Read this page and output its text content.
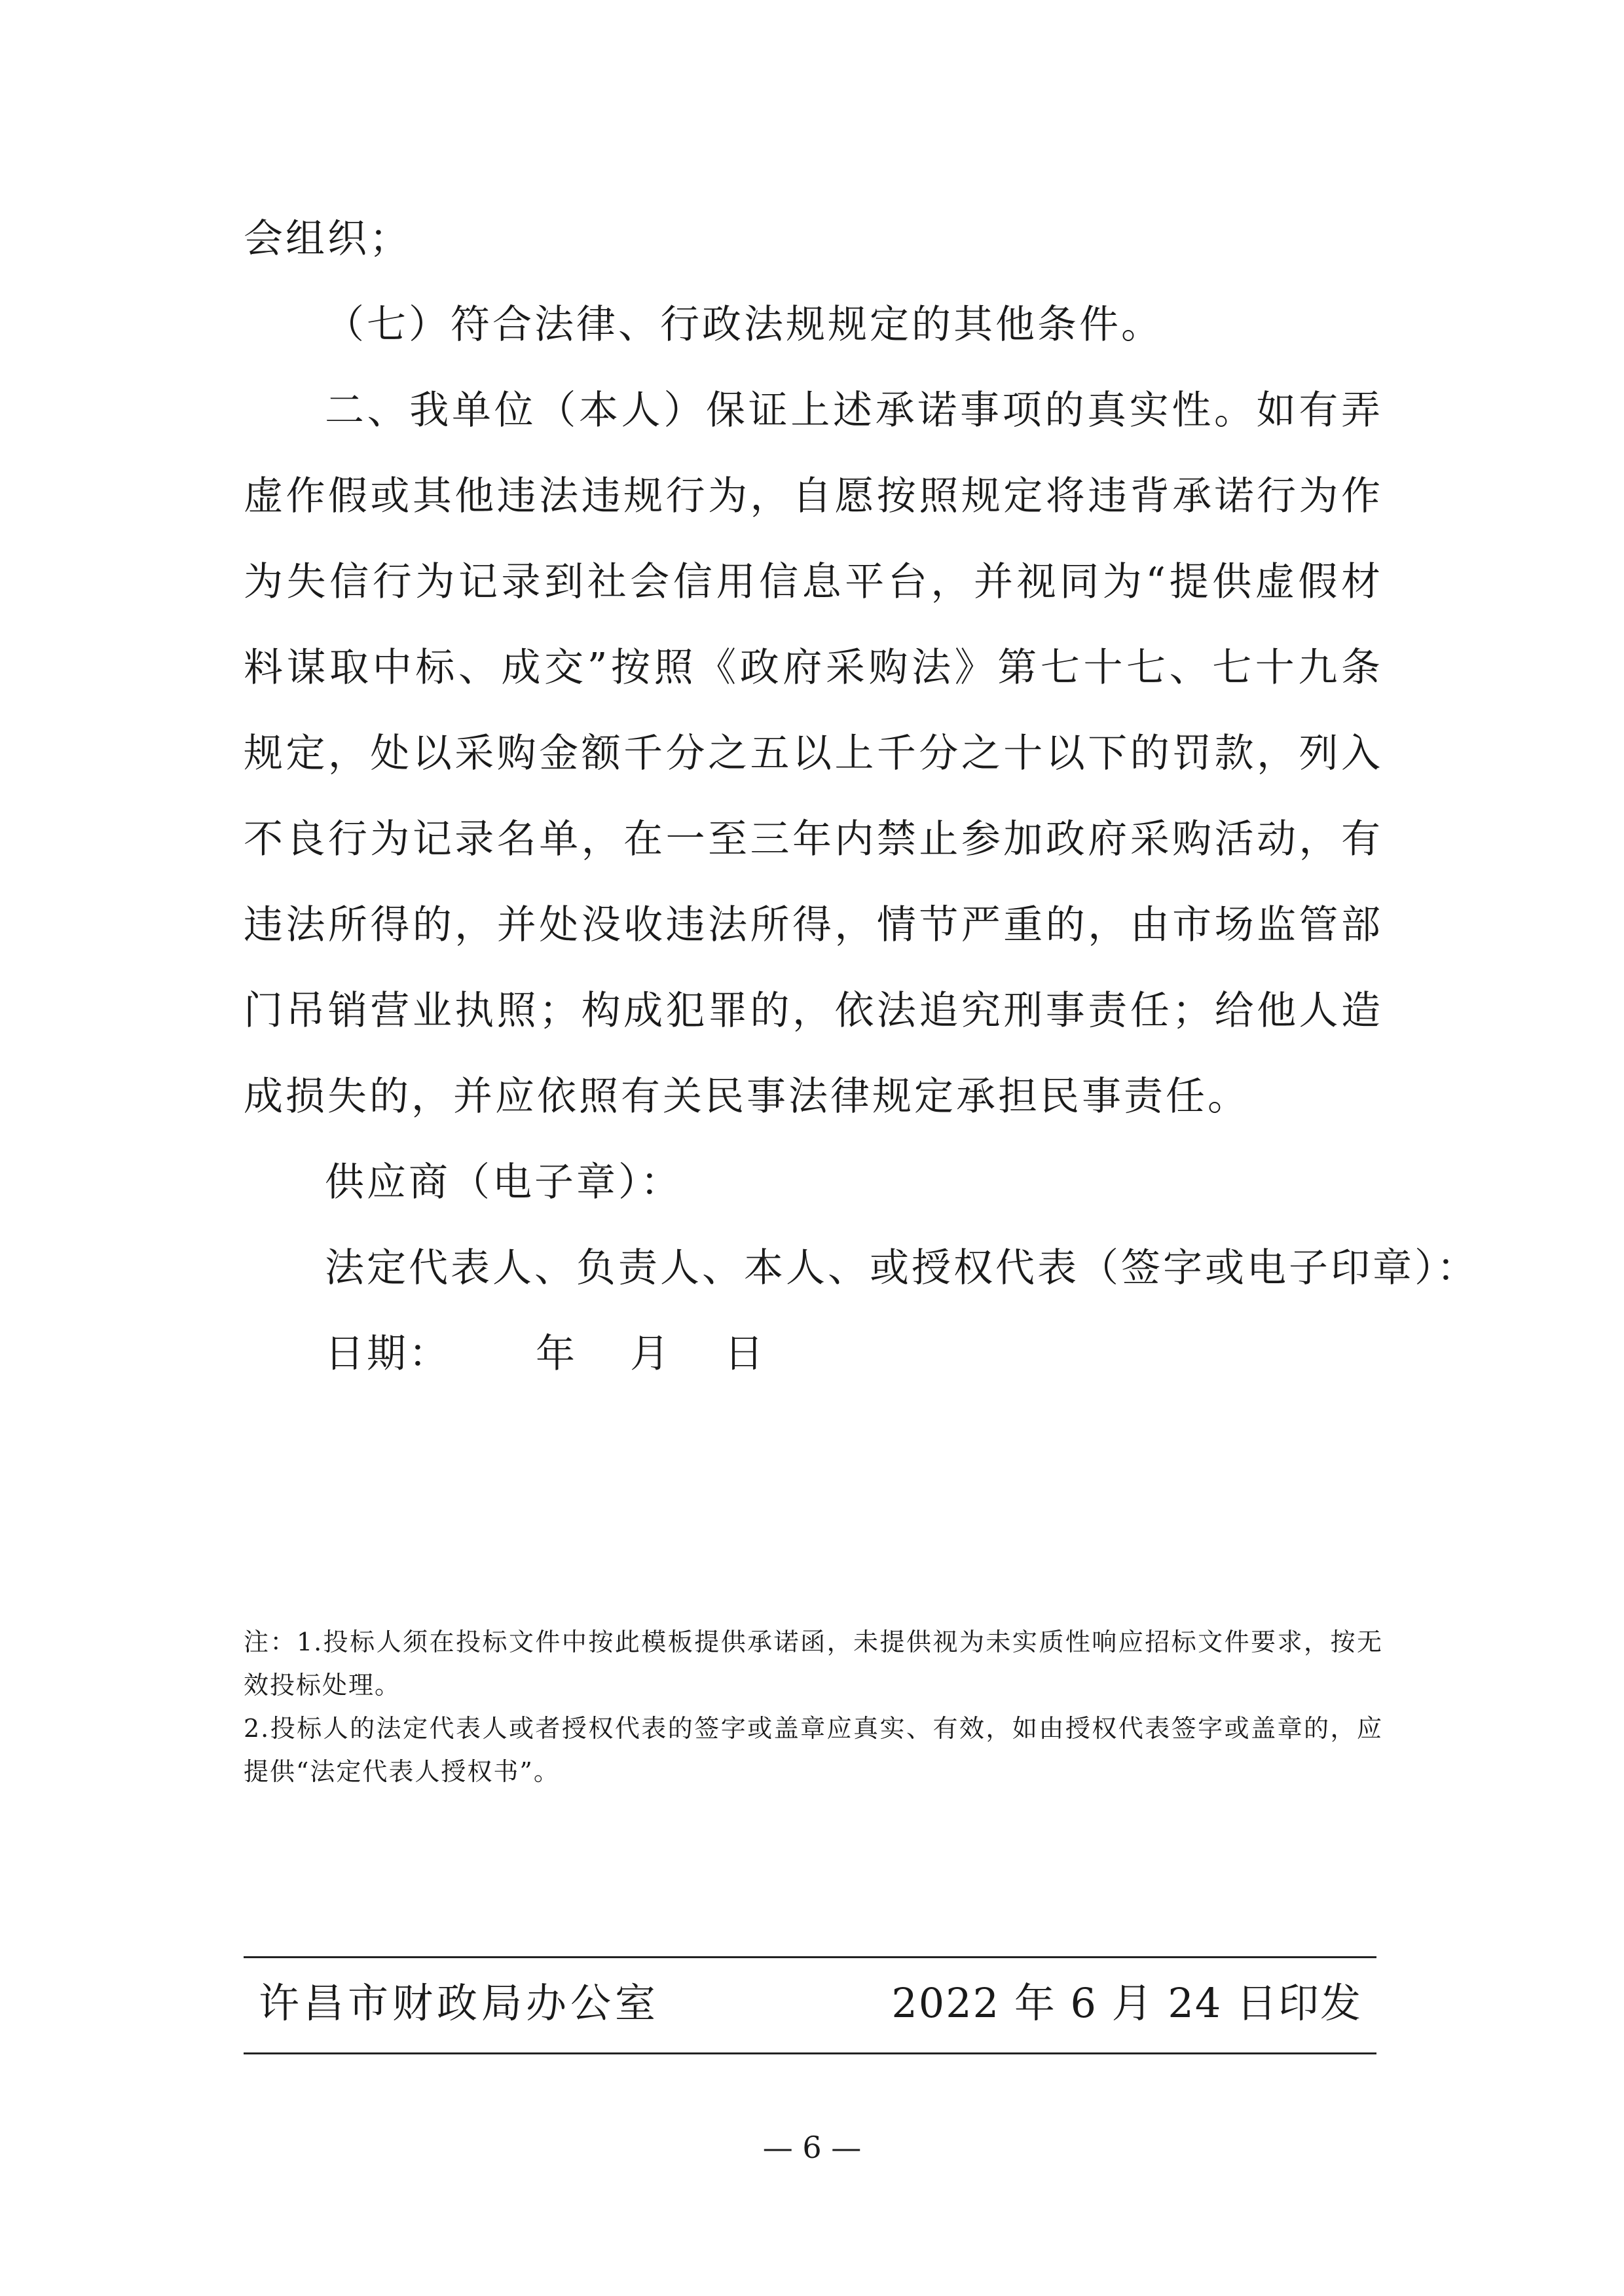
会组织；

（七）符合法律、行政法规规定的其他条件。

二、我单位（本人）保证上述承诺事项的真实性。如有弄虚作假或其他违法违规行为，自愿按照规定将违背承诺行为作为失信行为记录到社会信用信息平台，并视同为“提供虚假材料谋取中标、成交”按照《政府采购法》第七十七、七十九条规定，处以采购金额千分之五以上千分之十以下的罚款，列入不良行为记录名单，在一至三年内禁止参加政府采购活动，有违法所得的，并处没收违法所得，情节严重的，由市场监管部门吊销营业执照；构成犯罪的，依法追究刑事责任；给他人造成损失的，并应依照有关民事法律规定承担民事责任。

供应商（电子章）：

法定代表人、负责人、本人、或授权代表（签字或电子印章）：

日期： 年 月 日

注：1.投标人须在投标文件中按此模板提供承诺函，未提供视为未实质性响应招标文件要求，按无效投标处理。

2.投标人的法定代表人或者授权代表的签字或盖章应真实、有效，如由授权代表签字或盖章的，应提供“法定代表人授权书”。

许昌市财政局办公室	2022 年 6 月 24 日印发
— 6 —
